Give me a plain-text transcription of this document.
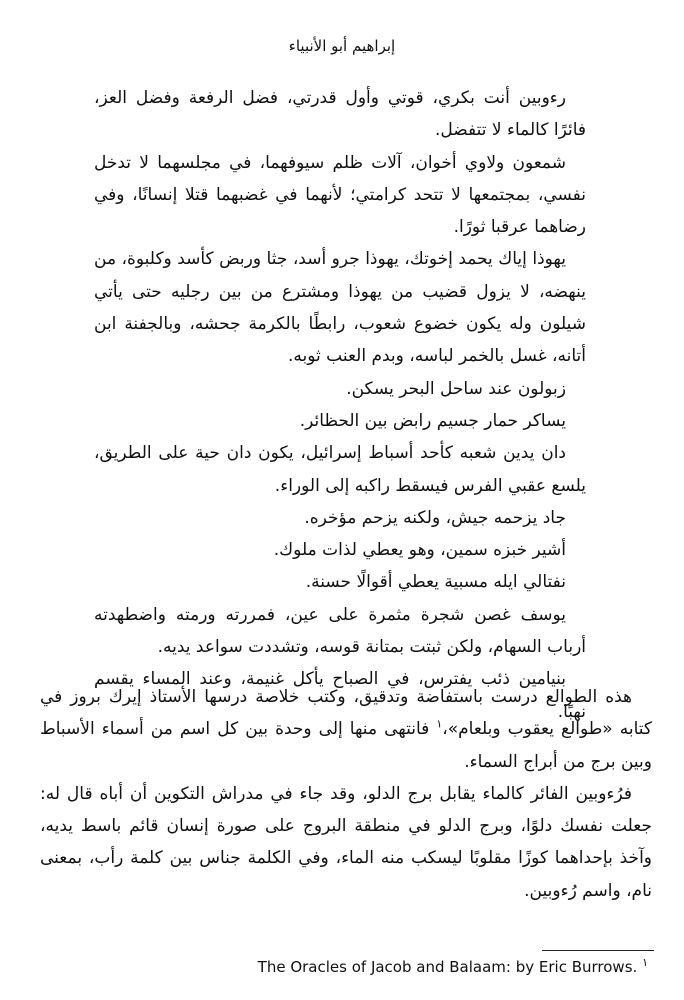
إبراهيم أبو الأنبياء

رءوبين أنت بكري، قوتي وأول قدرتي، فضل الرفعة وفضل العز، فائرًا كالماء لا تتفضل.

شمعون ولاوي أخوان، آلات ظلم سيوفهما، في مجلسهما لا تدخل نفسي، بمجتمعها لا تتحد كرامتي؛ لأنهما في غضبهما قتلا إنسانًا، وفي رضاهما عرقبا ثورًا.

يهوذا إياك يحمد إخوتك، يهوذا جرو أسد، جثا وربض كأسد وكلبوة، من ينهضه، لا يزول قضيب من يهوذا ومشترع من بين رجليه حتى يأتي شيلون وله يكون خضوع شعوب، رابطًا بالكرمة جحشه، وبالجفنة ابن أتانه، غسل بالخمر لباسه، وبدم العنب ثوبه.

زبولون عند ساحل البحر يسكن.

يساكر حمار جسيم رابض بين الحظائر.

دان يدين شعبه كأحد أسباط إسرائيل، يكون دان حية على الطريق، يلسع عقبي الفرس فيسقط راكبه إلى الوراء.

جاد يزحمه جيش، ولكنه يزحم مؤخره.

أشير خبزه سمين، وهو يعطي لذات ملوك.

نفتالي ايله مسبية يعطي أقوالًا حسنة.

يوسف غصن شجرة مثمرة على عين، فمررته ورمته واضطهدته أرباب السهام، ولكن ثبتت بمتانة قوسه، وتشددت سواعد يديه.

بنيامين ذئب يفترس، في الصباح يأكل غنيمة، وعند المساء يقسم نهبًا.

هذه الطوالع درست باستفاضة وتدقيق، وكتب خلاصة درسها الأستاذ إيرك بروز في كتابه «طوالع يعقوب وبلعام»،$^١$ فانتهى منها إلى وحدة بين كل اسم من أسماء الأسباط وبين برج من أبراج السماء.

فرُءوبين الفائر كالماء يقابل برج الدلو، وقد جاء في مدراش التكوين أن أباه قال له: جعلت نفسك دلوًا، وبرج الدلو في منطقة البروج على صورة إنسان قائم باسط يديه، وآخذ بإحداهما كوزًا مقلوبًا ليسكب منه الماء، وفي الكلمة جناس بين كلمة رأب، بمعنى نام، واسم رُءوبين.

$^١$ The Oracles of Jacob and Balaam: by Eric Burrows.
